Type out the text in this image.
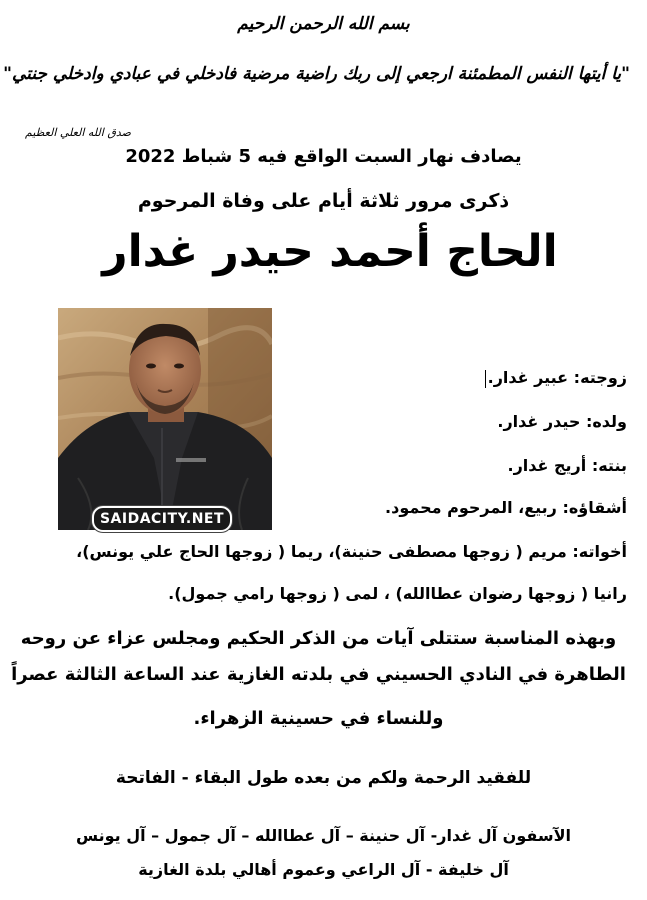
بسم الله الرحمن الرحيم
"يا أيتها النفس المطمئنة ارجعي إلى ربك راضية مرضية فادخلي في عبادي وادخلي جنتي"
صدق الله العلي العظيم
يصادف نهار السبت الواقع فيه 5 شباط 2022
ذكرى مرور ثلاثة أيام على وفاة المرحوم
الحاج أحمد حيدر غدار
SAIDACITY.NET
زوجته: عبير غدار.
ولده: حيدر غدار.
بنته: أريج غدار.
أشقاؤه: ربيع، المرحوم محمود.
أخواته: مريم ( زوجها مصطفى حنينة)، ريما ( زوجها الحاج علي يونس)،
رانيا ( زوجها رضوان عطاالله) ، لمى ( زوجها رامي جمول).
وبهذه المناسبة ستتلى آيات من الذكر الحكيم ومجلس عزاء عن روحه
الطاهرة في النادي الحسيني في بلدته الغازية عند الساعة الثالثة عصراً
وللنساء في حسينية الزهراء.
للفقيد الرحمة ولكم من بعده طول البقاء - الفاتحة
الآسفون آل غدار- آل حنينة – آل عطاالله – آل جمول – آل يونس
آل خليفة - آل الراعي وعموم أهالي بلدة الغازية
